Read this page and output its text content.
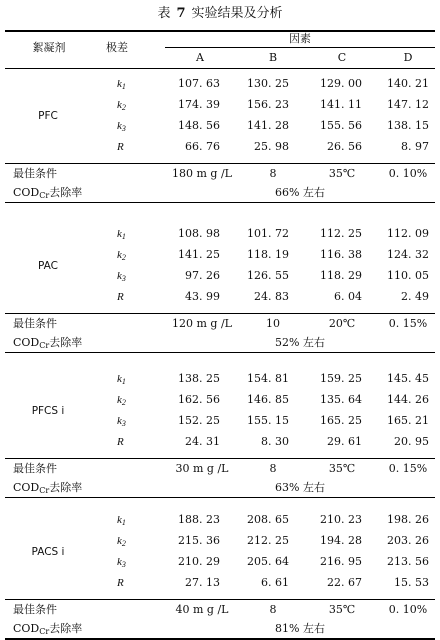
表 7 实验结果及分析
絮凝剂	极差
因素
A	B	C	D
PFC
$k_1$	107. 63	130. 25	129. 00	140. 21
$k_2$	174. 39	156. 23	141. 11	147. 12
$k_3$	148. 56	141. 28	155. 56	138. 15
R	66. 76	25. 98	26. 56	8. 97
最佳条件	180 m g /L	8	35℃	0. 10%
$COD_{Cr}$去除率	66% 左右
PAC
$k_1$	108. 98	101. 72	112. 25	112. 09
$k_2$	141. 25	118. 19	116. 38	124. 32
$k_3$	97. 26	126. 55	118. 29	110. 05
R	43. 99	24. 83	6. 04	2. 49
最佳条件	120 m g /L	10	20℃	0. 15%
$COD_{Cr}$去除率	52% 左右
PFCS i
$k_1$	138. 25	154. 81	159. 25	145. 45
$k_2$	162. 56	146. 85	135. 64	144. 26
$k_3$	152. 25	155. 15	165. 25	165. 21
R	24. 31	8. 30	29. 61	20. 95
最佳条件	30 m g /L	8	35℃	0. 15%
$COD_{Cr}$去除率	63% 左右
PACS i
$k_1$	188. 23	208. 65	210. 23	198. 26
$k_2$	215. 36	212. 25	194. 28	203. 26
$k_3$	210. 29	205. 64	216. 95	213. 56
R	27. 13	6. 61	22. 67	15. 53
最佳条件	40 m g /L	8	35℃	0. 10%
$COD_{Cr}$去除率	81% 左右
